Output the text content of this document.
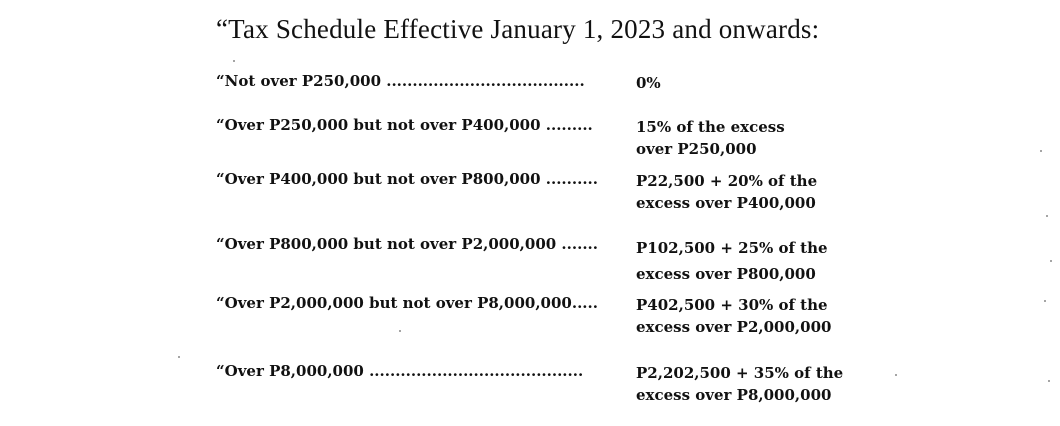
“Tax Schedule Effective January 1, 2023 and onwards:
“Not over P250,000 ......................................	0%
“Over P250,000 but not over P400,000 .........	15% of the excess
over P250,000
“Over P400,000 but not over P800,000 ..........	P22,500 + 20% of the
excess over P400,000
“Over P800,000 but not over P2,000,000 .......	P102,500 + 25% of the
excess over P800,000
“Over P2,000,000 but not over P8,000,000.....	P402,500 + 30% of the
excess over P2,000,000
“Over P8,000,000 .........................................	P2,202,500 + 35% of the
excess over P8,000,000
